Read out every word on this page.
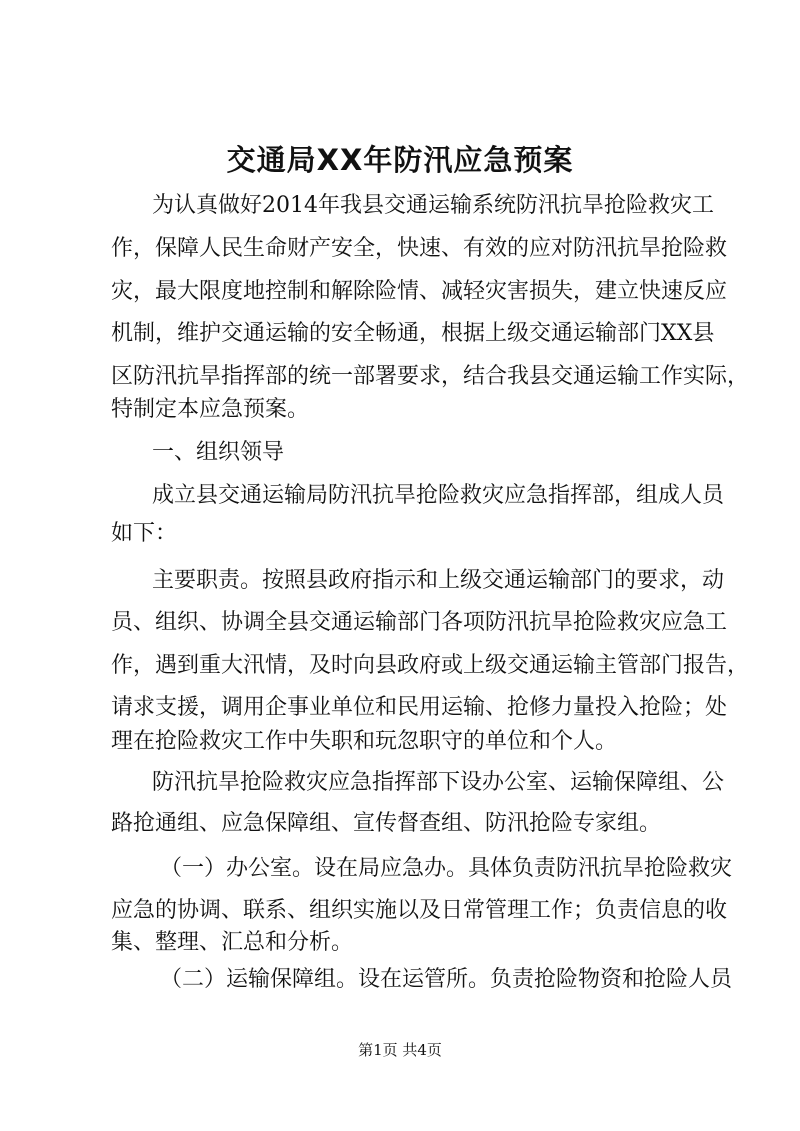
交通局XX年防汛应急预案
为认真做好2014年我县交通运输系统防汛抗旱抢险救灾工
作，保障人民生命财产安全，快速、有效的应对防汛抗旱抢险救
灾，最大限度地控制和解除险情、减轻灾害损失，建立快速反应
机制，维护交通运输的安全畅通，根据上级交通运输部门XX县
区防汛抗旱指挥部的统一部署要求，结合我县交通运输工作实际，
特制定本应急预案。
一、组织领导
成立县交通运输局防汛抗旱抢险救灾应急指挥部，组成人员
如下：
主要职责。按照县政府指示和上级交通运输部门的要求，动
员、组织、协调全县交通运输部门各项防汛抗旱抢险救灾应急工
作，遇到重大汛情，及时向县政府或上级交通运输主管部门报告，
请求支援，调用企事业单位和民用运输、抢修力量投入抢险；处
理在抢险救灾工作中失职和玩忽职守的单位和个人。
防汛抗旱抢险救灾应急指挥部下设办公室、运输保障组、公
路抢通组、应急保障组、宣传督查组、防汛抢险专家组。
（一）办公室。设在局应急办。具体负责防汛抗旱抢险救灾
应急的协调、联系、组织实施以及日常管理工作；负责信息的收
集、整理、汇总和分析。
（二）运输保障组。设在运管所。负责抢险物资和抢险人员
第1页 共4页
